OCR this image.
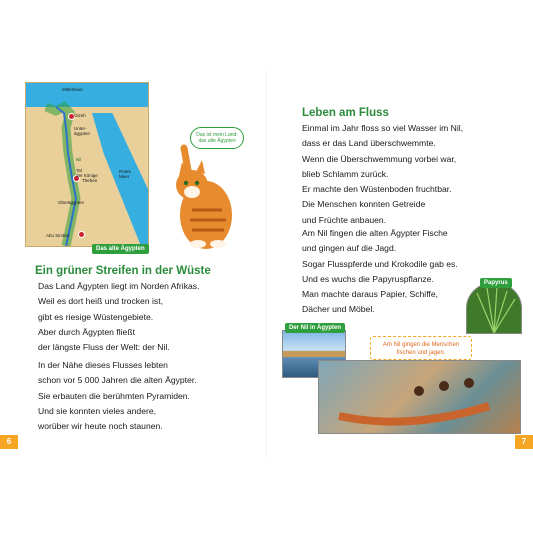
Mittelmeer
Gizeh
Unter-
ägypten
Nil
Tal
der Könige
Theben
Rotes
Meer
Oberägypten
Abu Simbel
Das alte Ägypten
Das ist mein Land:
das alte Ägypten
Ein grüner Streifen in der Wüste
Das Land Ägypten liegt im Norden Afrikas.
Weil es dort heiß und trocken ist,
gibt es riesige Wüstengebiete.
Aber durch Ägypten fließt
der längste Fluss der Welt: der Nil.
In der Nähe dieses Flusses lebten
schon vor 5 000 Jahren die alten Ägypter.
Sie erbauten die berühmten Pyramiden.
Und sie konnten vieles andere,
worüber wir heute noch staunen.
6
Leben am Fluss
Einmal im Jahr floss so viel Wasser im Nil,
dass er das Land überschwemmte.
Wenn die Überschwemmung vorbei war,
blieb Schlamm zurück.
Er machte den Wüstenboden fruchtbar.
Die Menschen konnten Getreide
und Früchte anbauen.
Am Nil fingen die alten Ägypter Fische
und gingen auf die Jagd.
Sogar Flusspferde und Krokodile gab es.
Und es wuchs die Papyruspflanze.
Man machte daraus Papier, Schiffe,
Dächer und Möbel.
Papyrus
Der Nil in Ägypten
Am Nil gingen die Menschen
fischen und jagen.
7
